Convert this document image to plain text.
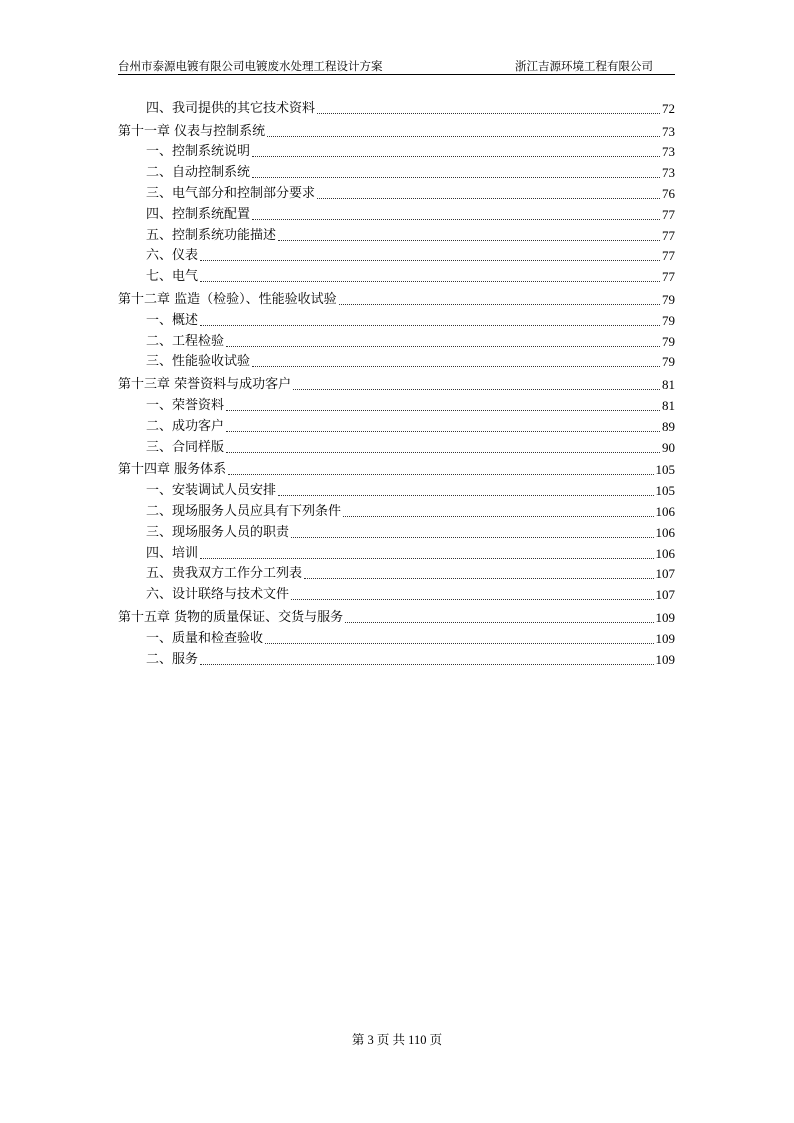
台州市泰源电镀有限公司电镀废水处理工程设计方案	浙江吉源环境工程有限公司
四、我司提供的其它技术资料	72
第十一章 仪表与控制系统	73
一、控制系统说明	73
二、自动控制系统	73
三、电气部分和控制部分要求	76
四、控制系统配置	77
五、控制系统功能描述	77
六、仪表	77
七、电气	77
第十二章 监造（检验）、性能验收试验	79
一、概述	79
二、工程检验	79
三、性能验收试验	79
第十三章 荣誉资料与成功客户	81
一、荣誉资料	81
二、成功客户	89
三、合同样版	90
第十四章 服务体系	105
一、安装调试人员安排	105
二、现场服务人员应具有下列条件	106
三、现场服务人员的职责	106
四、培训	106
五、贵我双方工作分工列表	107
六、设计联络与技术文件	107
第十五章 货物的质量保证、交货与服务	109
一、质量和检查验收	109
二、服务	109
第 3 页 共 110 页
